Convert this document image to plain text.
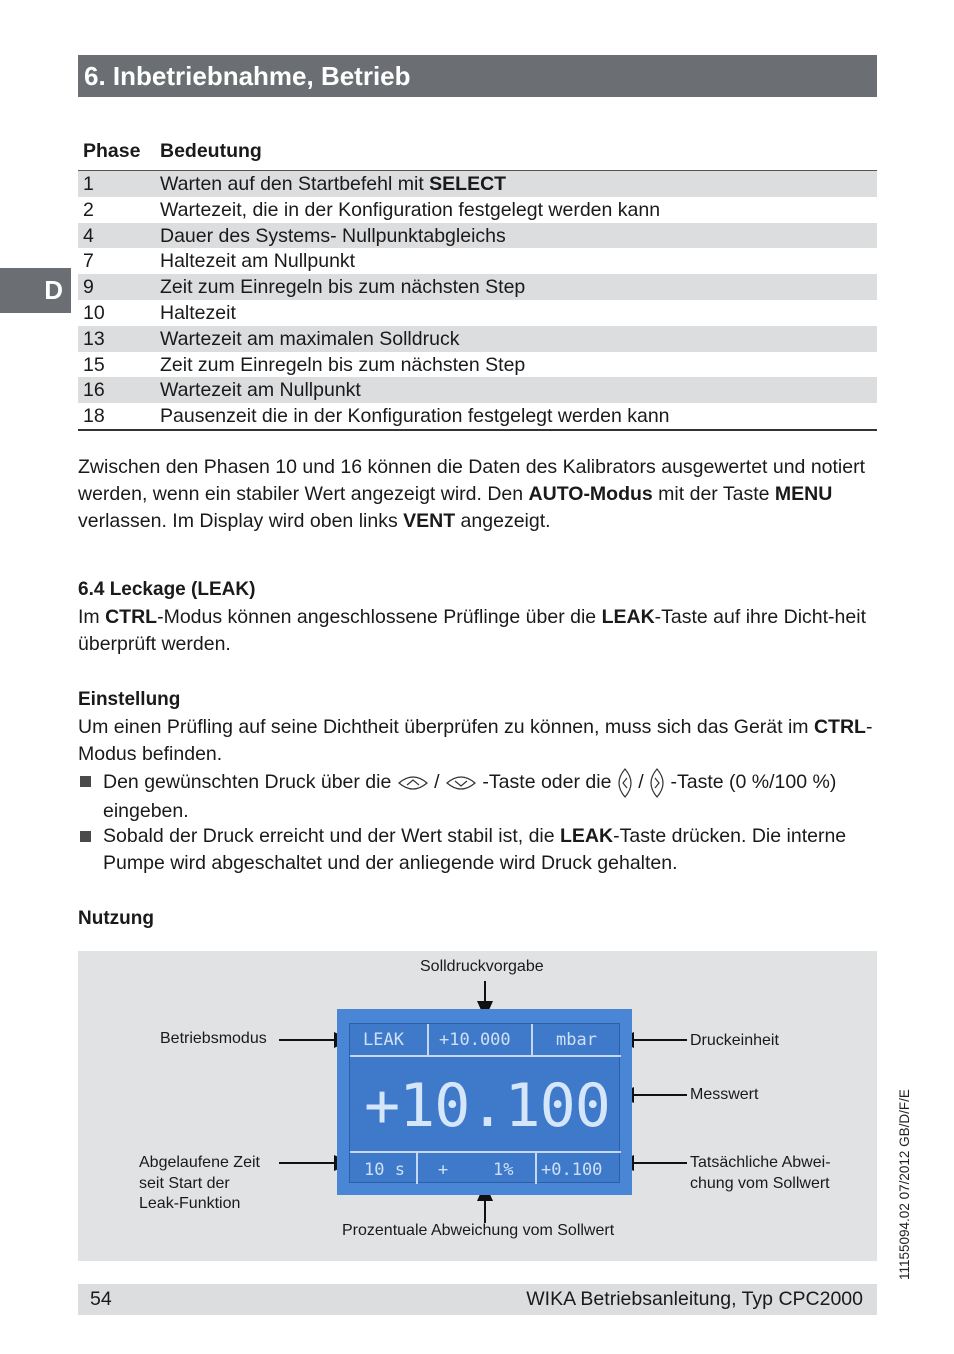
6. Inbetriebnahme, Betrieb
D
Phase	Bedeutung
1	Warten auf den Startbefehl mit SELECT
2	Wartezeit, die in der Konfiguration festgelegt werden kann
4	Dauer des Systems- Nullpunktabgleichs
7	Haltezeit am Nullpunkt
9	Zeit zum Einregeln bis zum nächsten Step
10	Haltezeit
13	Wartezeit am maximalen Solldruck
15	Zeit zum Einregeln bis zum nächsten Step
16	Wartezeit am Nullpunkt
18	Pausenzeit die in der Konfiguration festgelegt werden kann
Zwischen den Phasen 10 und 16 können die Daten des Kalibrators ausgewertet und notiert werden, wenn ein stabiler Wert angezeigt wird. Den AUTO-Modus mit der Taste MENU verlassen. Im Display wird oben links VENT angezeigt.
6.4 Leckage (LEAK)
Im CTRL-Modus können angeschlossene Prüflinge über die LEAK-Taste auf ihre Dicht-heit überprüft werden.
Einstellung
Um einen Prüfling auf seine Dichtheit überprüfen zu können, muss sich das Gerät im CTRL-Modus befinden.
Den gewünschten Druck über die  /  -Taste oder die  /  -Taste (0 %/100 %) eingeben.
Sobald der Druck erreicht und der Wert stabil ist, die LEAK-Taste drücken. Die interne Pumpe wird abgeschaltet und der anliegende wird Druck gehalten.
Nutzung
Solldruckvorgabe
Betriebsmodus	Druckeinheit
Messwert
Abgelaufene Zeit
seit Start der
Leak-Funktion
Tatsächliche Abwei-
chung vom Sollwert
Prozentuale Abweichung vom Sollwert
LEAK +10.000	mbar
+10.100
10 s +	1% +0.100
54	WIKA Betriebsanleitung, Typ CPC2000
11155094.02 07/2012 GB/D/F/E
